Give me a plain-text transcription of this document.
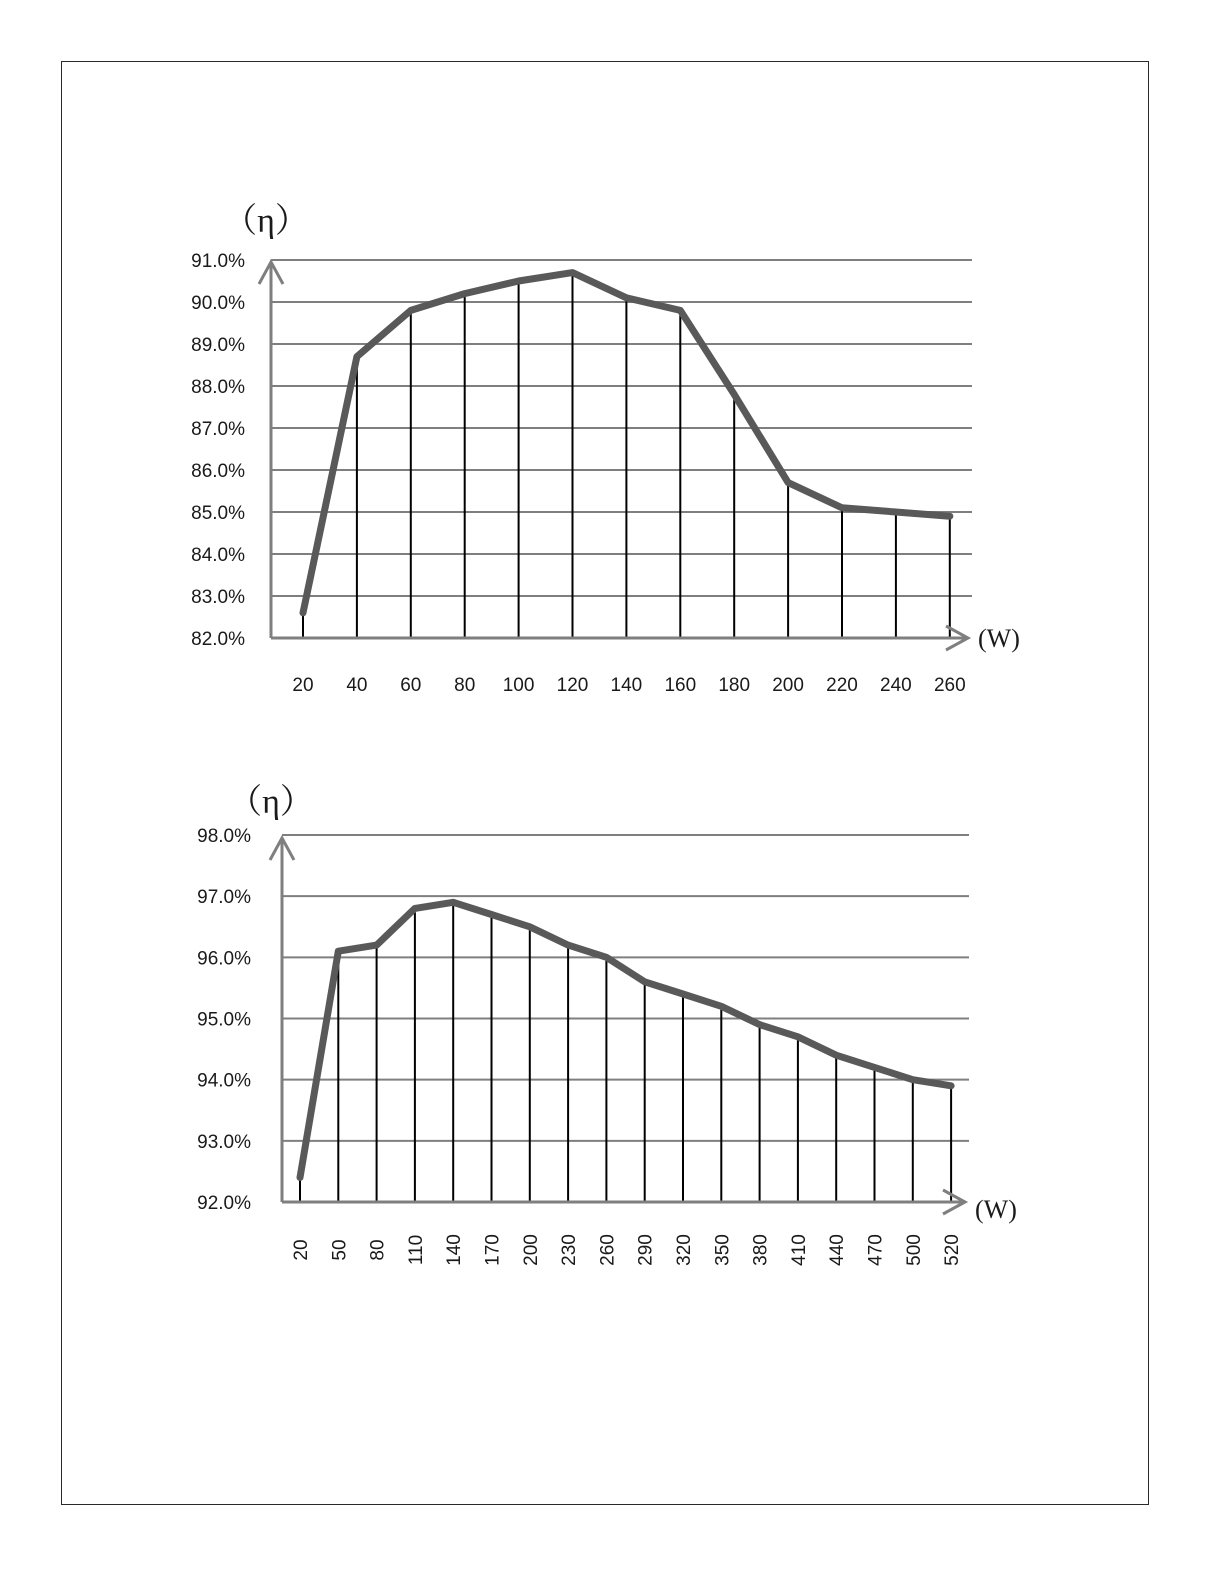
82.0%
83.0%
84.0%
85.0%
86.0%
87.0%
88.0%
89.0%
90.0%
91.0%
20 40 60 80 100 120 140 160 180 200 220 240 260
（η）
(W)
92.0%
93.0%
94.0%
95.0%
96.0%
97.0%
98.0%
20 50 80 110 140 170 200 230 260 290 320 350 380 410 440 470 500 520
（η）
(W)
